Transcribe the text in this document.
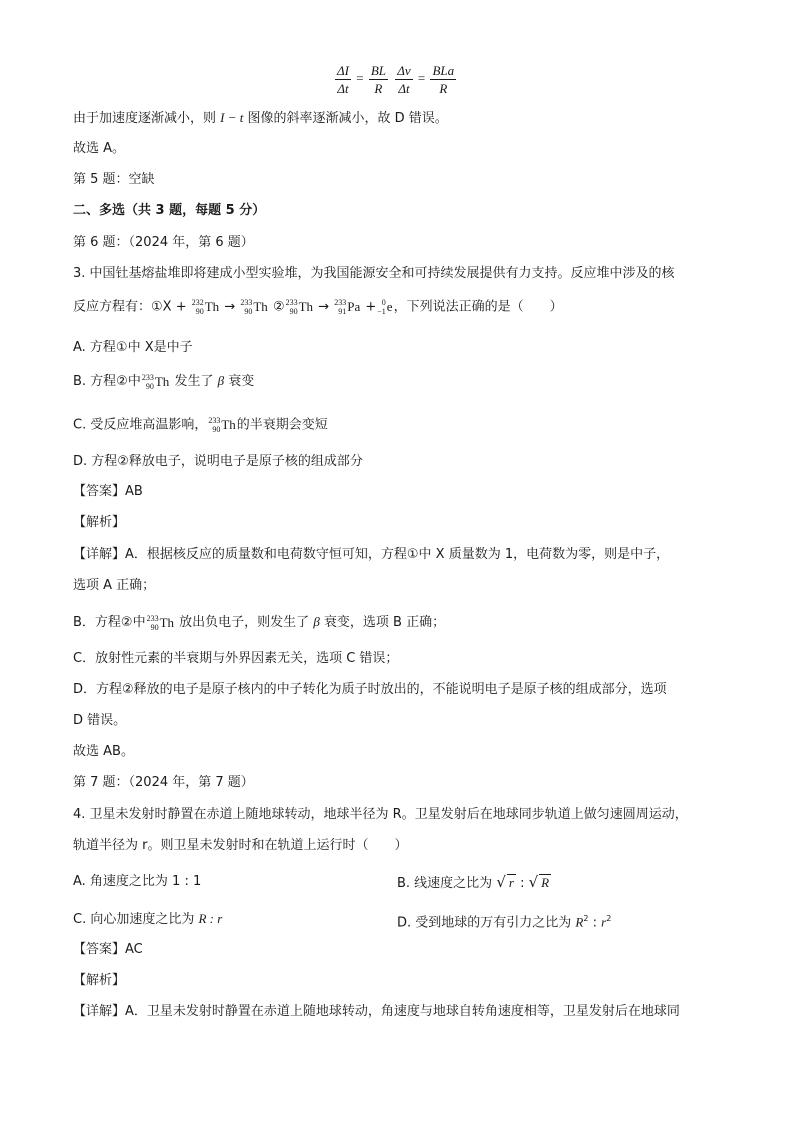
$\frac{\Delta I}{\Delta t} = \frac{BL}{R}$
$\frac{\Delta v}{\Delta t} = \frac{\text{BLa}}{R}$
由于加速度逐渐减小，则 I − t 图像的斜率逐渐减小，故 D 错误。
故选 A。
第 5 题：空缺
二、多选（共 3 题，每题 5 分）
第 6 题：（2024 年，第 6 题）
3. 中国钍基熔盐堆即将建成小型实验堆，为我国能源安全和可持续发展提供有力支持。反应堆中涉及的核
反应方程有：①X + 232
90 Th → 233
90 Th ② 233
90 Th → 233
91 Pa + 0
−1 e ，下列说法正确的是（　　）
A. 方程①中 X是中子
B. 方程②中 233
90 Th 发生了 β 衰变
C. 受反应堆高温影响， 233
90 Th 的半衰期会变短
D. 方程②释放电子，说明电子是原子核的组成部分
【答案】AB
【解析】
【详解】A．根据核反应的质量数和电荷数守恒可知，方程①中 X 质量数为 1，电荷数为零，则是中子，
选项 A 正确；
B．方程②中 233
90 Th 放出负电子，则发生了 β 衰变，选项 B 正确；
C．放射性元素的半衰期与外界因素无关，选项 C 错误；
D．方程②释放的电子是原子核内的中子转化为质子时放出的，不能说明电子是原子核的组成部分，选项
D 错误。
故选 AB。
第 7 题：（2024 年，第 7 题）
4. 卫星未发射时静置在赤道上随地球转动，地球半径为 R。卫星发射后在地球同步轨道上做匀速圆周运动，
轨道半径为 r。则卫星未发射时和在轨道上运行时（　　）
A. 角速度之比为 1 : 1	B. 线速度之比为 √ r : √ R
C. 向心加速度之比为 R : r	D. 受到地球的万有引力之比为 $R^2$ : $r^2$
【答案】AC
【解析】
【详解】A．卫星未发射时静置在赤道上随地球转动，角速度与地球自转角速度相等，卫星发射后在地球同
